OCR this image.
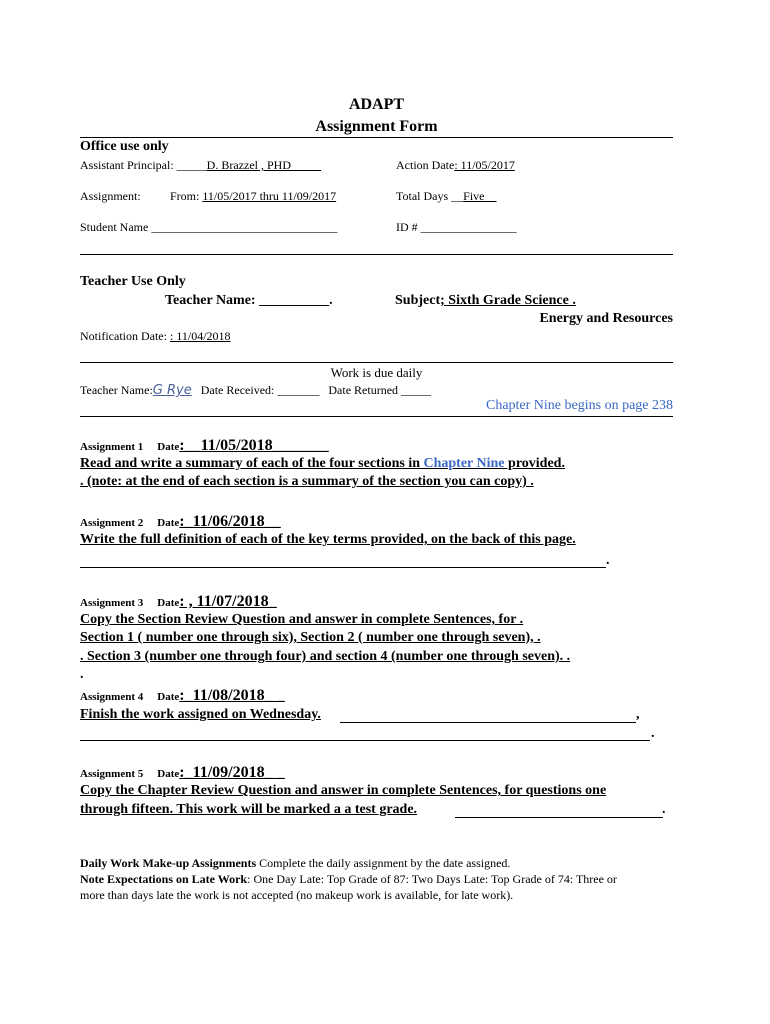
ADAPT
Assignment Form
Office use only
Assistant Principal: _____D. Brazzel , PHD_____	Action Date: 11/05/2017
Assignment: From: 11/05/2017 thru 11/09/2017	Total Days __Five__
Student Name _______________________________	ID # ________________
Teacher Use Only
Teacher Name: __________.	Subject; Sixth Grade Science .
Energy and Resources
Notification Date: : 11/04/2018
Work is due daily
Teacher Name:G Rye Date Received: _______ Date Returned _____
Chapter Nine begins on page 238
Assignment 1 Date:__11/05/2018_______
Read and write a summary of each of the four sections in Chapter Nine provided.
. (note: at the end of each section is a summary of the section you can copy) .
Assignment 2 Date:_11/06/2018__
Write the full definition of each of the key terms provided, on the back of this page.
.
Assignment 3 Date: , 11/07/2018_
Copy the Section Review Question and answer in complete Sentences, for .
Section 1 ( number one through six), Section 2 ( number one through seven), .
. Section 3 (number one through four) and section 4 (number one through seven). .
.
Assignment 4 Date:_11/08/2018_ _
Finish the work assigned on Wednesday.	,
.
Assignment 5 Date:_11/09/2018_ _
Copy the Chapter Review Question and answer in complete Sentences, for questions one
through fifteen. This work will be marked a a test grade.	.
Daily Work Make-up Assignments Complete the daily assignment by the date assigned.
Note Expectations on Late Work: One Day Late: Top Grade of 87: Two Days Late: Top Grade of 74: Three or
more than days late the work is not accepted (no makeup work is available, for late work).
